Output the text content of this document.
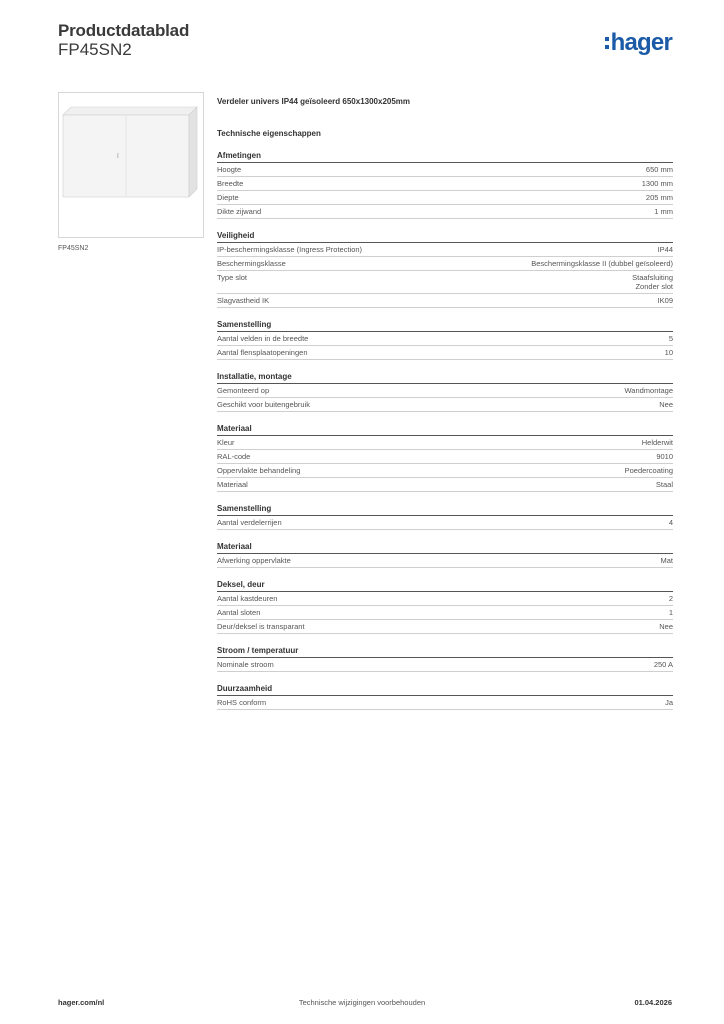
Productdatablad
FP45SN2	hager
FP45SN2
Verdeler univers IP44 geïsoleerd 650x1300x205mm
Technische eigenschappen
Afmetingen
Hoogte	650 mm
Breedte	1300 mm
Diepte	205 mm
Dikte zijwand	1 mm
Veiligheid
IP-beschermingsklasse (Ingress Protection)	IP44
Beschermingsklasse	Beschermingsklasse II (dubbel geïsoleerd)
Type slot	Staafsluiting
Zonder slot
Slagvastheid IK	IK09
Samenstelling
Aantal velden in de breedte	5
Aantal flensplaatopeningen	10
Installatie, montage
Gemonteerd op	Wandmontage
Geschikt voor buitengebruik	Nee
Materiaal
Kleur	Helderwit
RAL-code	9010
Oppervlakte behandeling	Poedercoating
Materiaal	Staal
Samenstelling
Aantal verdelerrijen	4
Materiaal
Afwerking oppervlakte	Mat
Deksel, deur
Aantal kastdeuren	2
Aantal sloten	1
Deur/deksel is transparant	Nee
Stroom / temperatuur
Nominale stroom	250 A
Duurzaamheid
RoHS conform	Ja
hager.com/nl	Technische wijzigingen voorbehouden	01.04.2026
